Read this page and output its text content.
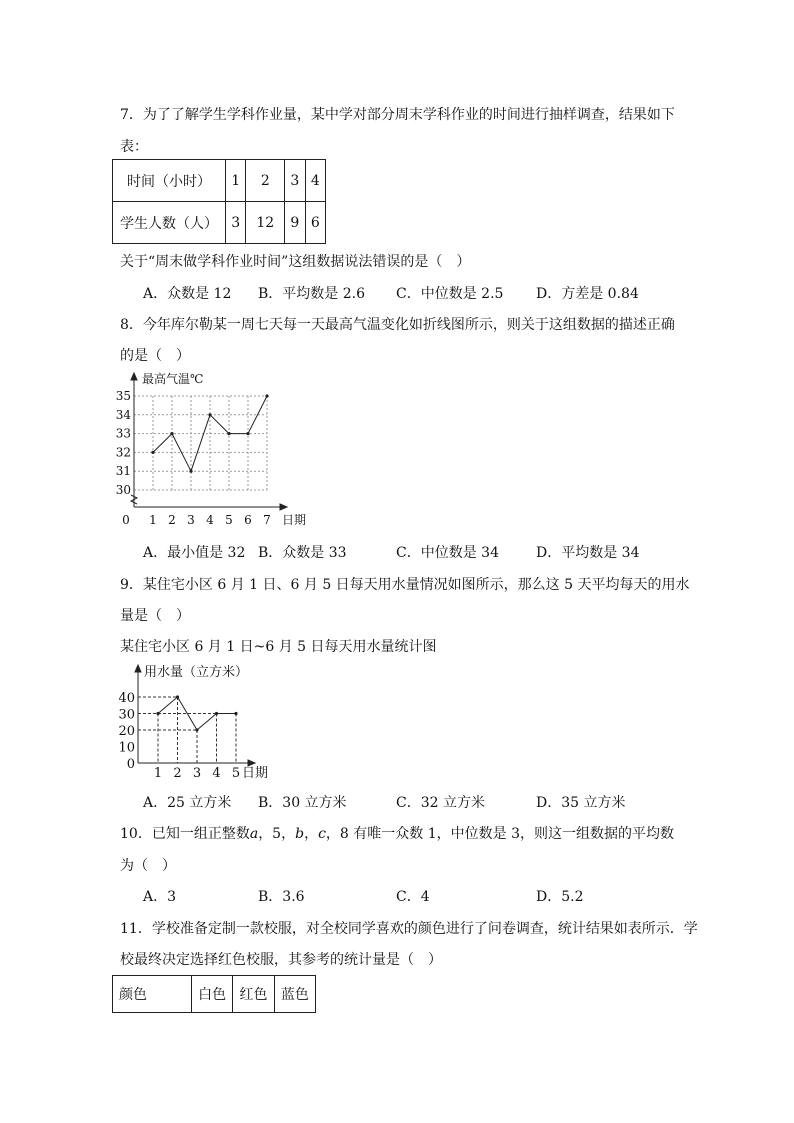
7．为了了解学生学科作业量，某中学对部分周末学科作业的时间进行抽样调查，结果如下
表：
时间（小时）	1	2	3	4
学生人数（人）	3	12	9	6
关于“周末做学科作业时间”这组数据说法错误的是（　）
A．众数是 12 B．平均数是 2.6 C．中位数是 2.5 D．方差是 0.84
8．今年库尔勒某一周七天每一天最高气温变化如折线图所示，则关于这组数据的描述正确
的是（　）
最高气温℃
日期
0
30
31
32
33
34
35
1 2 3 4 5 6 7
A．最小值是 32 B．众数是 33	C．中位数是 34	D．平均数是 34
9．某住宅小区 6 月 1 日、6 月 5 日每天用水量情况如图所示，那么这 5 天平均每天的用水
量是（　）
某住宅小区 6 月 1 日~6 月 5 日每天用水量统计图
用水量（立方米）
日期
0
10
20
30
40
1 2 3 4 5
A．25 立方米 B．30 立方米	C．32 立方米	D．35 立方米
10．已知一组正整数a，5，b，c，8 有唯一众数 1，中位数是 3，则这一组数据的平均数
为（　）
A．3	B．3.6	C．4	D．5.2
11．学校准备定制一款校服，对全校同学喜欢的颜色进行了问卷调查，统计结果如表所示．学
校最终决定选择红色校服，其参考的统计量是（　）
颜色	白色	红色	蓝色
